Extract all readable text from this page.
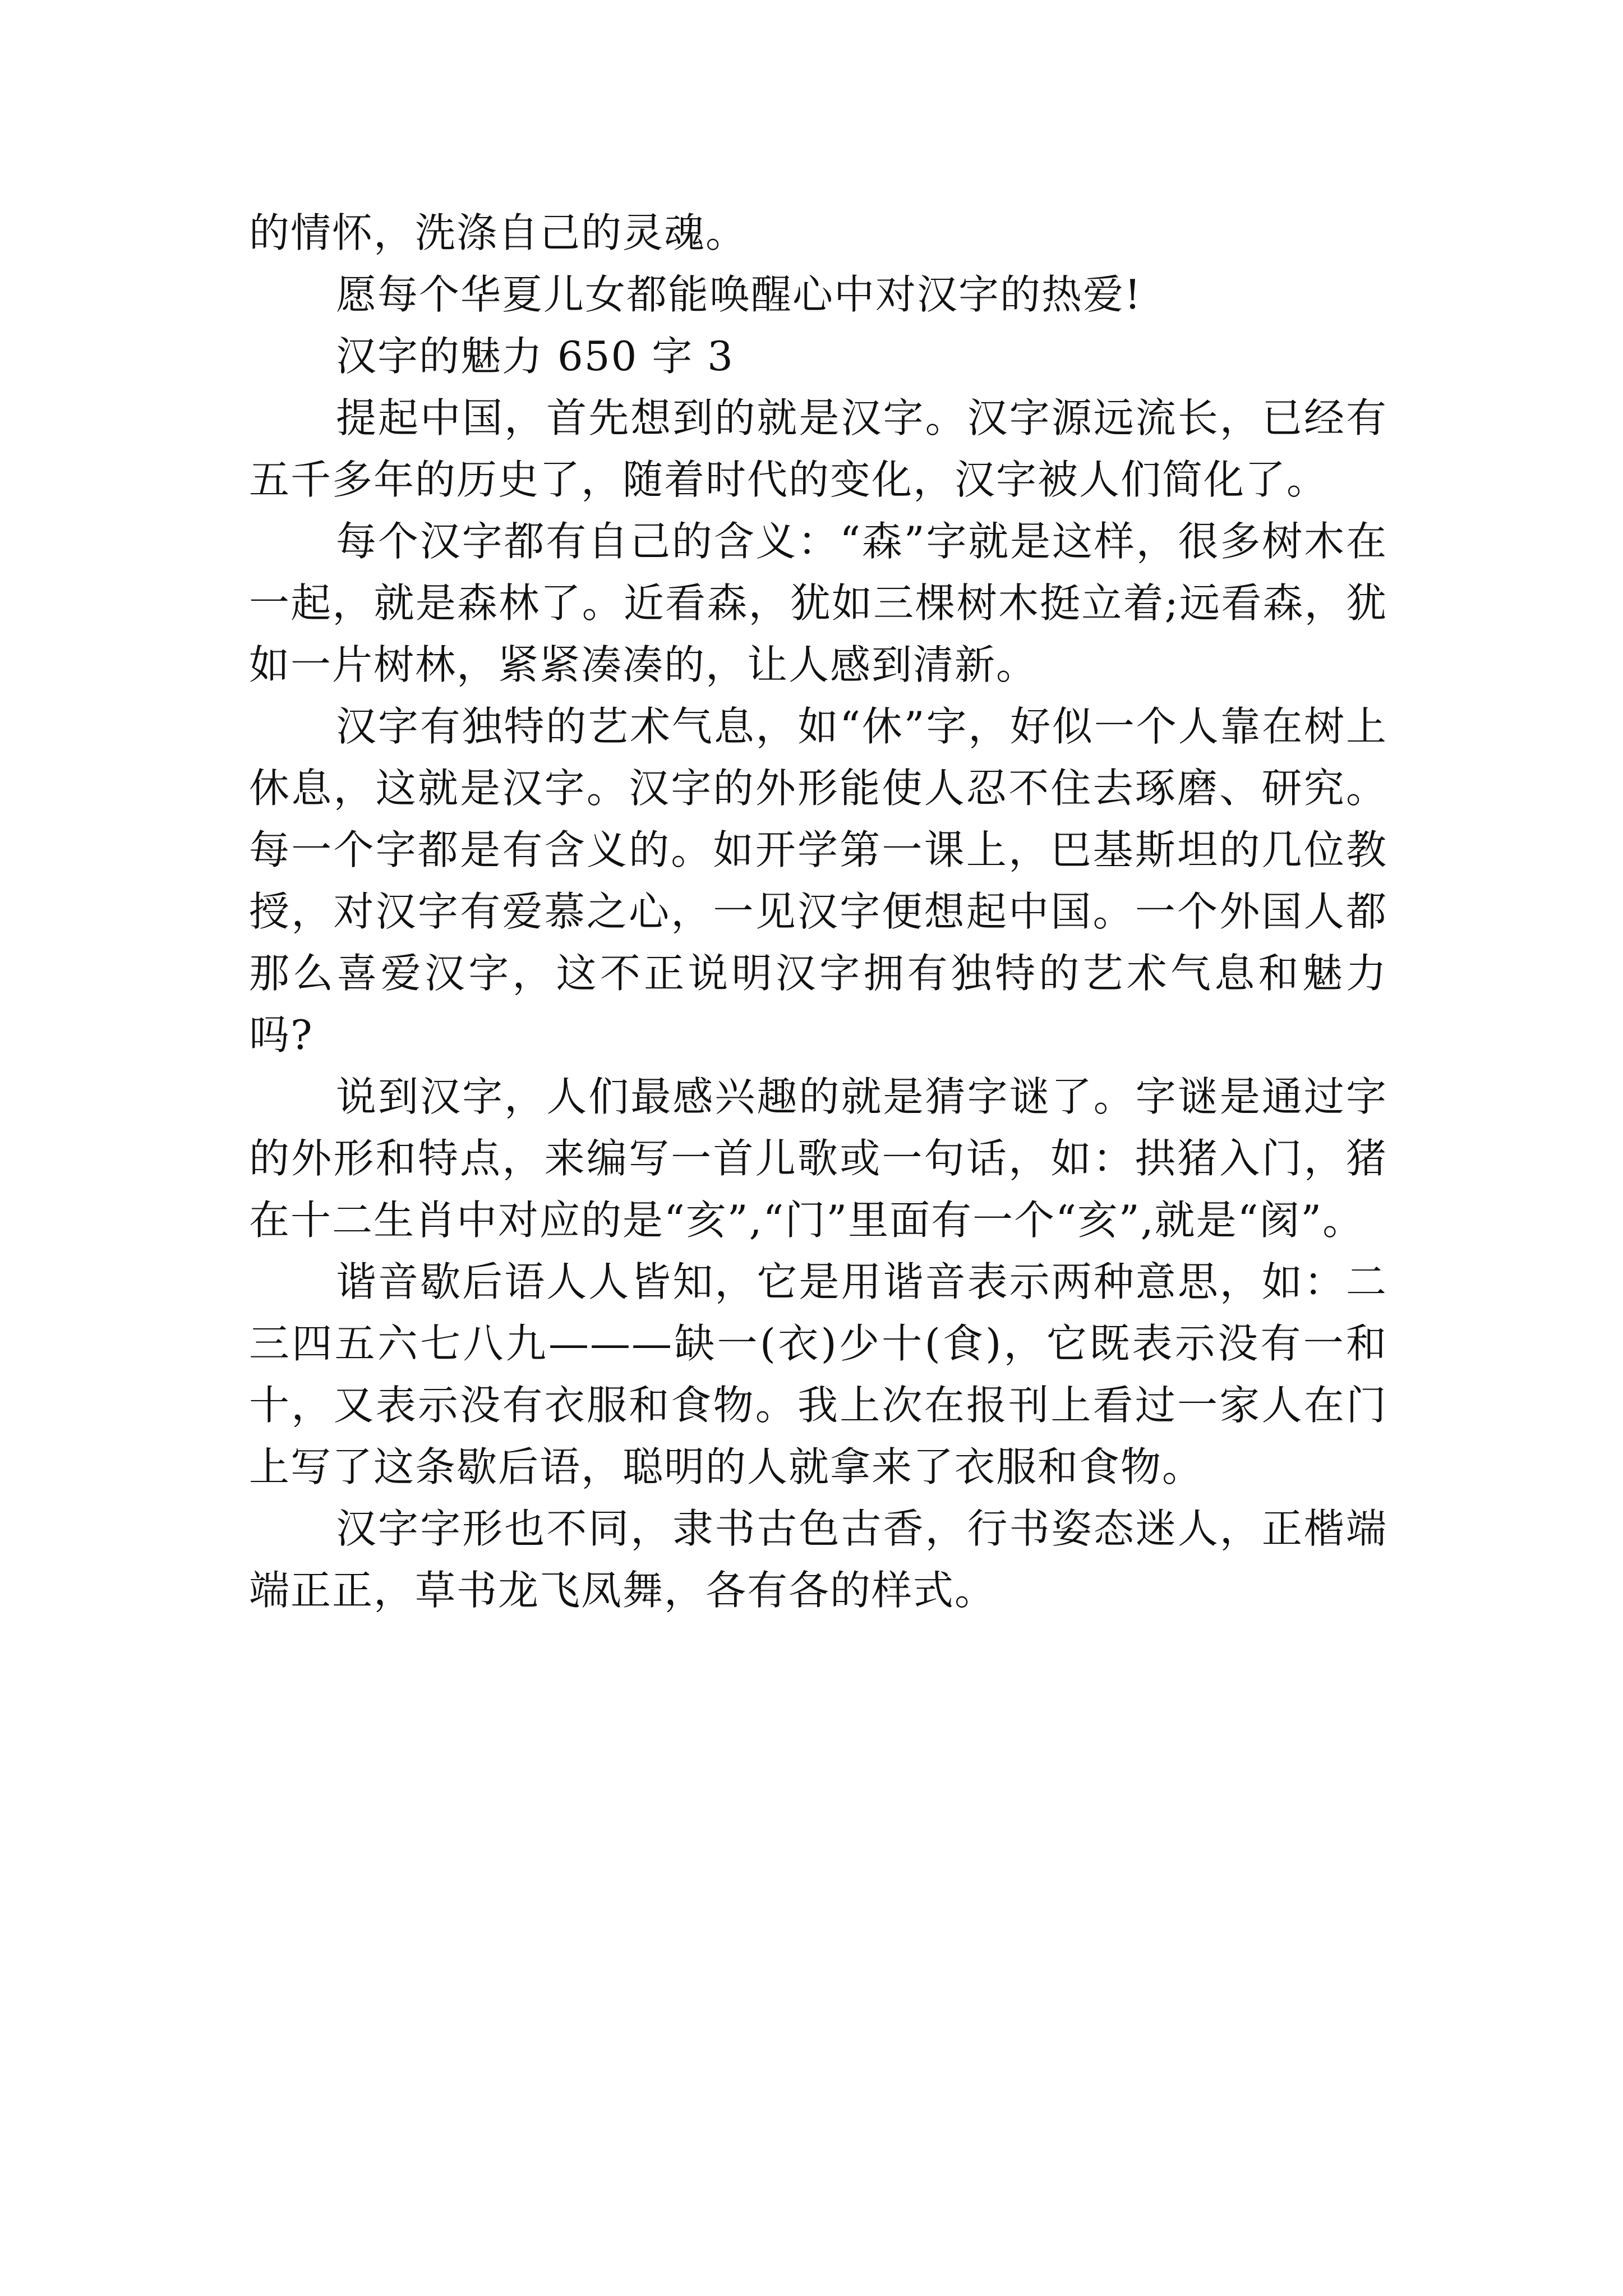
的情怀，洗涤自己的灵魂。

愿每个华夏儿女都能唤醒心中对汉字的热爱!

汉字的魅力 650 字 3

提起中国，首先想到的就是汉字。汉字源远流长，已经有五千多年的历史了，随着时代的变化，汉字被人们简化了。

每个汉字都有自己的含义：“森”字就是这样，很多树木在一起，就是森林了。近看森，犹如三棵树木挺立着;远看森，犹如一片树林，紧紧凑凑的，让人感到清新。

汉字有独特的艺术气息，如“休”字，好似一个人靠在树上休息，这就是汉字。汉字的外形能使人忍不住去琢磨、研究。每一个字都是有含义的。如开学第一课上，巴基斯坦的几位教授，对汉字有爱慕之心，一见汉字便想起中国。一个外国人都那么喜爱汉字，这不正说明汉字拥有独特的艺术气息和魅力吗?

说到汉字，人们最感兴趣的就是猜字谜了。字谜是通过字的外形和特点，来编写一首儿歌或一句话，如：拱猪入门，猪在十二生肖中对应的是“亥”,“门”里面有一个“亥”,就是“阂”。

谐音歇后语人人皆知，它是用谐音表示两种意思，如：二三四五六七八九———缺一(衣)少十(食)，它既表示没有一和十，又表示没有衣服和食物。我上次在报刊上看过一家人在门上写了这条歇后语，聪明的人就拿来了衣服和食物。

汉字字形也不同，隶书古色古香，行书姿态迷人，正楷端端正正，草书龙飞凤舞，各有各的样式。
